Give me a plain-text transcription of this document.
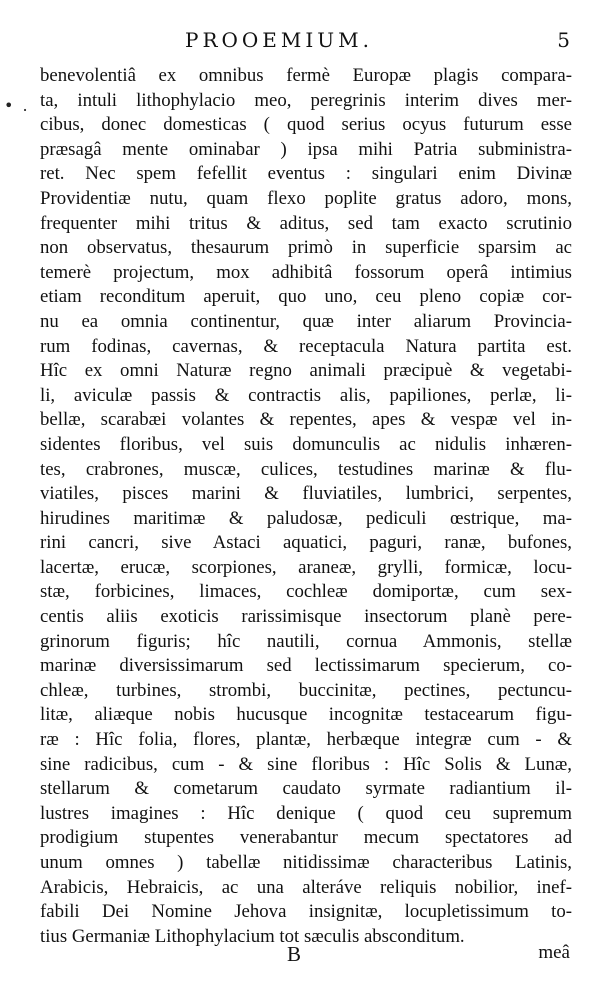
• .
PROOEMIUM.	5
benevolentiâ ex omnibus fermè Europæ plagis compara-
ta, intuli lithophylacio meo, peregrinis interim dives mer-
cibus, donec domesticas ( quod serius ocyus futurum esse
præsagâ mente ominabar ) ipsa mihi Patria subministra-
ret. Nec spem fefellit eventus : singulari enim Divinæ
Providentiæ nutu, quam flexo poplite gratus adoro, mons,
frequenter mihi tritus & aditus, sed tam exacto scrutinio
non observatus, thesaurum primò in superficie sparsim ac
temerè projectum, mox adhibitâ fossorum operâ intimius
etiam reconditum aperuit, quo uno, ceu pleno copiæ cor-
nu ea omnia continentur, quæ inter aliarum Provincia-
rum fodinas, cavernas, & receptacula Natura partita est.
Hîc ex omni Naturæ regno animali præcipuè & vegetabi-
li, aviculæ passis & contractis alis, papiliones, perlæ, li-
bellæ, scarabæi volantes & repentes, apes & vespæ vel in-
sidentes floribus, vel suis domunculis ac nidulis inhæren-
tes, crabrones, muscæ, culices, testudines marinæ & flu-
viatiles, pisces marini & fluviatiles, lumbrici, serpentes,
hirudines maritimæ & paludosæ, pediculi œstrique, ma-
rini cancri, sive Astaci aquatici, paguri, ranæ, bufones,
lacertæ, erucæ, scorpiones, araneæ, grylli, formicæ, locu-
stæ, forbicines, limaces, cochleæ domiportæ, cum sex-
centis aliis exoticis rarissimisque insectorum planè pere-
grinorum figuris; hîc nautili, cornua Ammonis, stellæ
marinæ diversissimarum sed lectissimarum specierum, co-
chleæ, turbines, strombi, buccinitæ, pectines, pectuncu-
litæ, aliæque nobis hucusque incognitæ testacearum figu-
ræ : Hîc folia, flores, plantæ, herbæque integræ cum - &
sine radicibus, cum - & sine floribus : Hîc Solis & Lunæ,
stellarum & cometarum caudato syrmate radiantium il-
lustres imagines : Hîc denique ( quod ceu supremum
prodigium stupentes venerabantur mecum spectatores ad
unum omnes ) tabellæ nitidissimæ characteribus Latinis,
Arabicis, Hebraicis, ac una alteráve reliquis nobilior, inef-
fabili Dei Nomine Jehova insignitæ, locupletissimum to-
tius Germaniæ Lithophylacium tot sæculis absconditum.
B	meâ
